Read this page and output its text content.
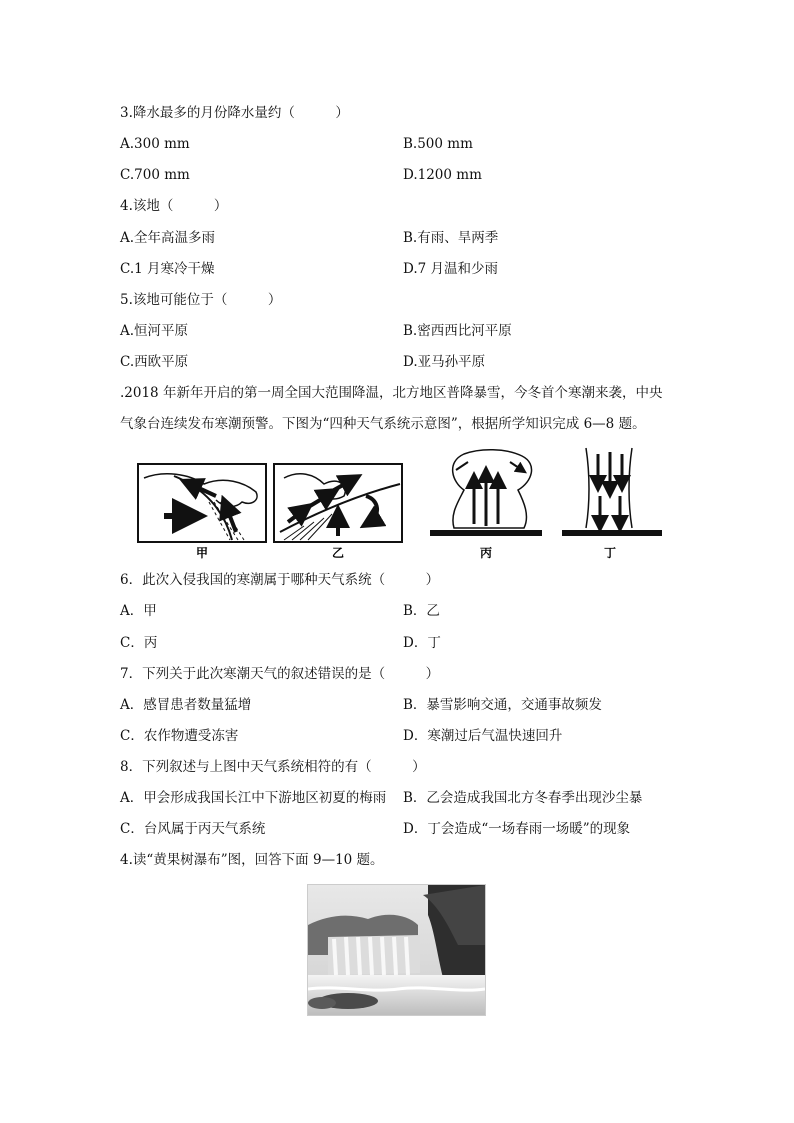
3.降水最多的月份降水量约（　　　）
A.300 mm	B.500 mm
C.700 mm	D.1200 mm
4.该地（　　　）
A.全年高温多雨	B.有雨、旱两季
C.1 月寒冷干燥	D.7 月温和少雨
5.该地可能位于（　　　）
A.恒河平原	B.密西西比河平原
C.西欧平原	D.亚马孙平原
.2018 年新年开启的第一周全国大范围降温，北方地区普降暴雪，今冬首个寒潮来袭，中央
气象台连续发布寒潮预警。下图为“四种天气系统示意图”，根据所学知识完成 6—8 题。
甲	乙	丙	丁
6．此次入侵我国的寒潮属于哪种天气系统（　　　）
A．甲	B．乙
C．丙	D．丁
7．下列关于此次寒潮天气的叙述错误的是（　　　）
A．感冒患者数量猛增	B．暴雪影响交通，交通事故频发
C．农作物遭受冻害	D．寒潮过后气温快速回升
8．下列叙述与上图中天气系统相符的有（　　　）
A．甲会形成我国长江中下游地区初夏的梅雨 B．乙会造成我国北方冬春季出现沙尘暴
C．台风属于丙天气系统	D．丁会造成“一场春雨一场暖”的现象
4.读“黄果树瀑布”图，回答下面 9—10 题。
